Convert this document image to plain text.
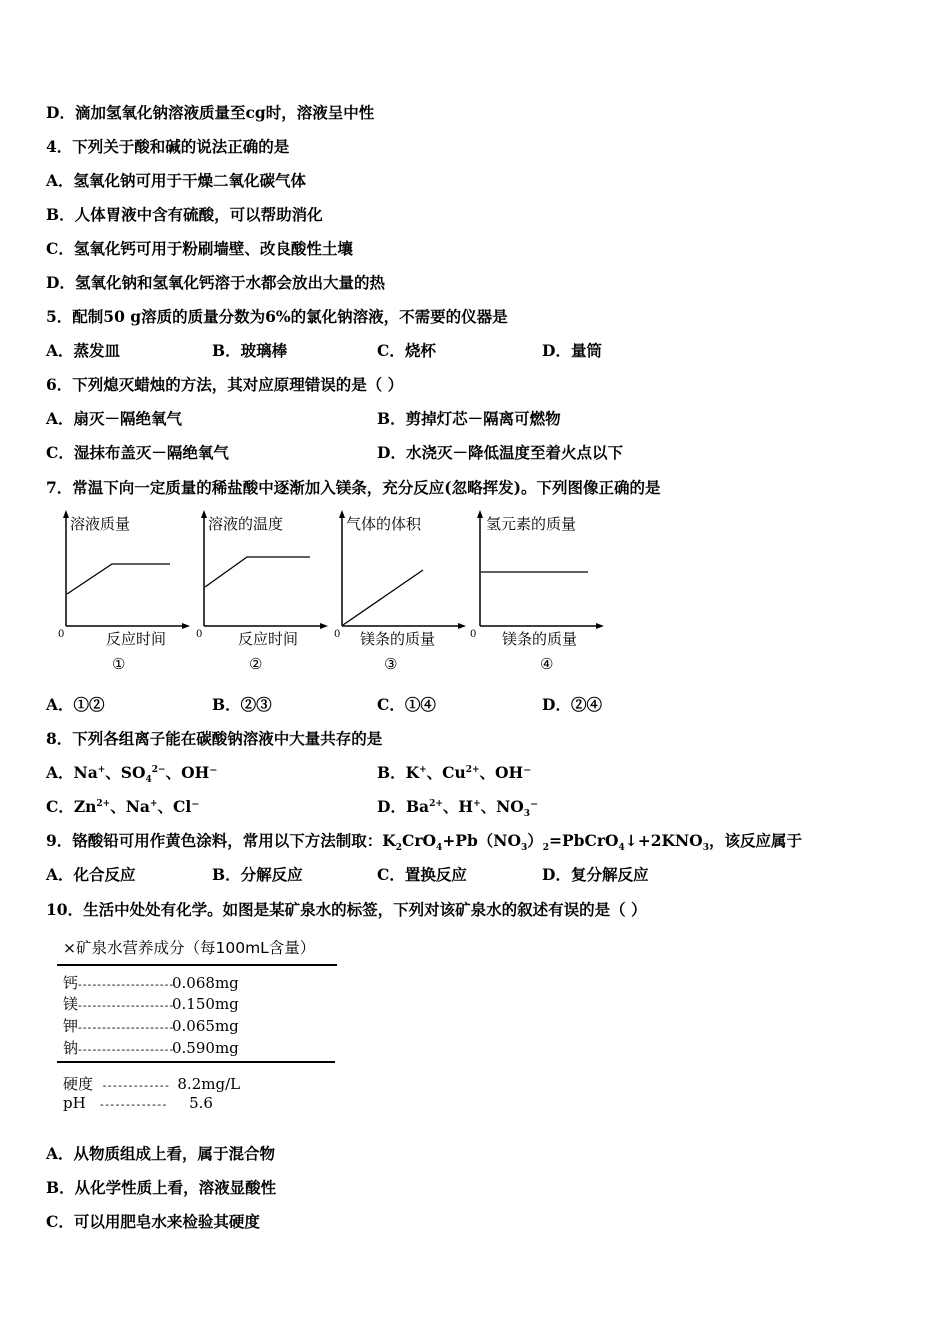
D．滴加氢氧化钠溶液质量至cg时，溶液呈中性
4．下列关于酸和碱的说法正确的是
A．氢氧化钠可用于干燥二氧化碳气体
B．人体胃液中含有硫酸，可以帮助消化
C．氢氧化钙可用于粉刷墙壁、改良酸性土壤
D．氢氧化钠和氢氧化钙溶于水都会放出大量的热
5．配制50 g溶质的质量分数为6%的氯化钠溶液，不需要的仪器是
A．蒸发皿	B．玻璃棒	C．烧杯	D．量筒
6．下列熄灭蜡烛的方法，其对应原理错误的是（ ）
A．扇灭－隔绝氧气	B．剪掉灯芯－隔离可燃物
C．湿抹布盖灭－隔绝氧气	D．水浇灭－降低温度至着火点以下
7．常温下向一定质量的稀盐酸中逐渐加入镁条，充分反应(忽略挥发)。下列图像正确的是
溶液质量
0	反应时间
①
溶液的温度
0 反应时间
②
气体的体积
0 镁条的质量
③
氢元素的质量
0 镁条的质量
④
A．①②	B．②③	C．①④	D．②④
8．下列各组离子能在碳酸钠溶液中大量共存的是
A．Na+、$SO_4^{2-}$、OH⁻	B．K+、$Cu^{2+}$、OH⁻
C．$Zn^{2+}$、Na+、Cl⁻	D．$Ba^{2+}$、H+、$NO_3^-$
9．铬酸铅可用作黄色涂料，常用以下方法制取：$K_2CrO_4+Pb(NO_3)_2=PbCrO_4↓+2KNO_3$，该反应属于
A．化合反应	B．分解反应	C．置换反应	D．复分解反应
10．生活中处处有化学。如图是某矿泉水的标签，下列对该矿泉水的叙述有误的是（ ）
×矿泉水营养成分（每100mL含量）
钙- - - - - - - - - - - - - - - - - - - -0.068mg
镁- - - - - - - - - - - - - - - - - - - -0.150mg
钾- - - - - - - - - - - - - - - - - - - -0.065mg
钠- - - - - - - - - - - - - - - - - - - -0.590mg
硬度 - - - - - - - - - - - - - 8.2mg/L
pH - - - - - - - - - - - - - 5.6
A．从物质组成上看，属于混合物
B．从化学性质上看，溶液显酸性
C．可以用肥皂水来检验其硬度
